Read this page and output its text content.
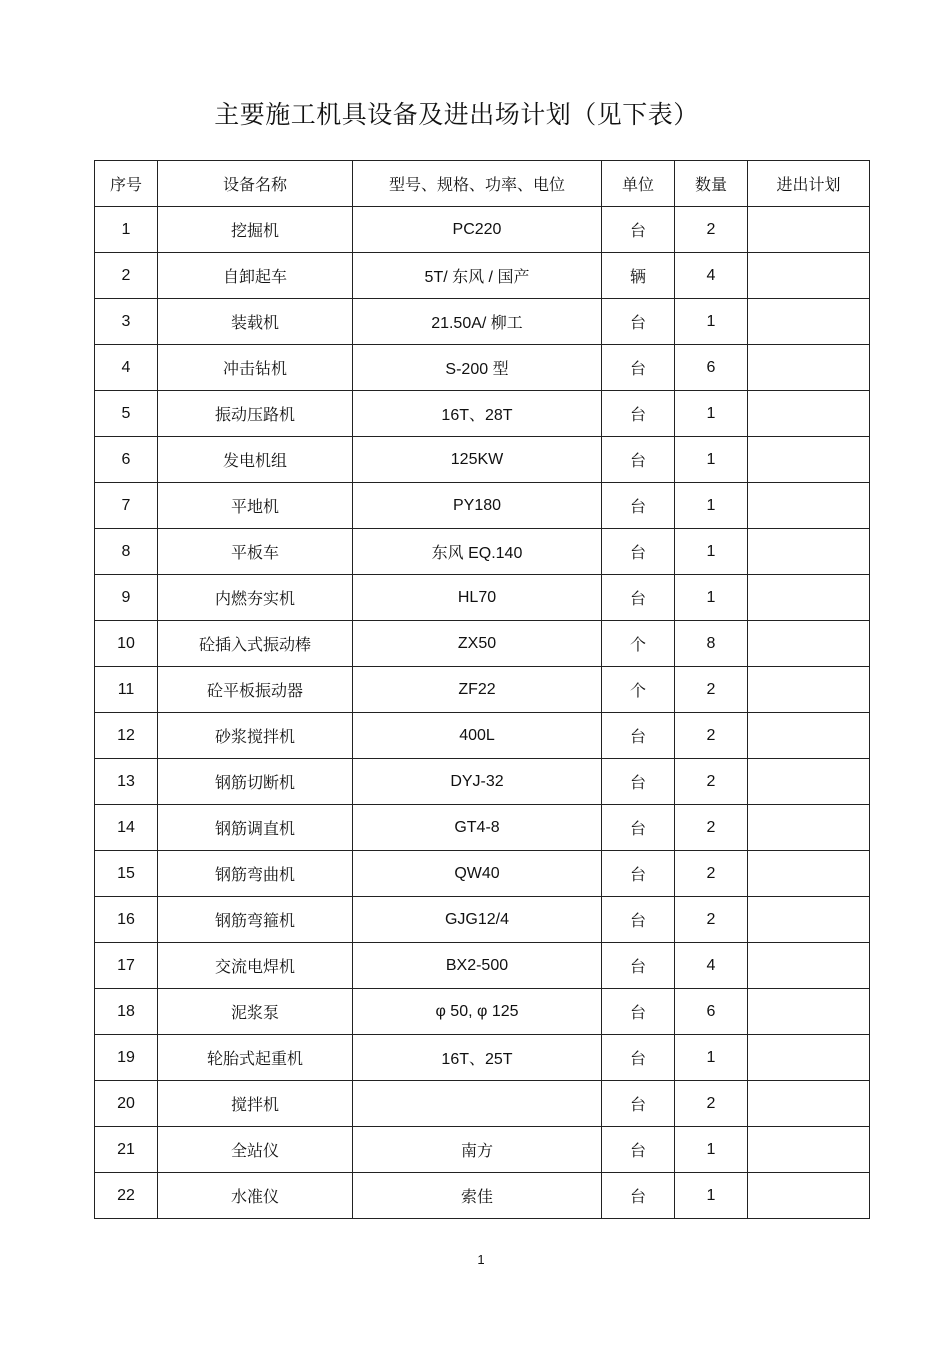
主要施工机具设备及进出场计划（见下表）
序号	设备名称	型号、规格、功率、电位	单位	数量	进出计划
1	挖掘机	PC220	台	2	
2	自卸起车	5T/ 东风 / 国产	辆	4	
3	装载机	21.50A/ 柳工	台	1	
4	冲击钻机	S-200 型	台	6	
5	振动压路机	16T、28T	台	1	
6	发电机组	125KW	台	1	
7	平地机	PY180	台	1	
8	平板车	东风 EQ.140	台	1	
9	内燃夯实机	HL70	台	1	
10	砼插入式振动棒	ZX50	个	8	
11	砼平板振动器	ZF22	个	2	
12	砂浆搅拌机	400L	台	2	
13	钢筋切断机	DYJ-32	台	2	
14	钢筋调直机	GT4-8	台	2	
15	钢筋弯曲机	QW40	台	2	
16	钢筋弯箍机	GJG12/4	台	2	
17	交流电焊机	BX2-500	台	4	
18	泥浆泵	φ 50, φ 125	台	6	
19	轮胎式起重机	16T、25T	台	1	
20	搅拌机		台	2	
21	全站仪	南方	台	1	
22	水准仪	索佳	台	1	
1
